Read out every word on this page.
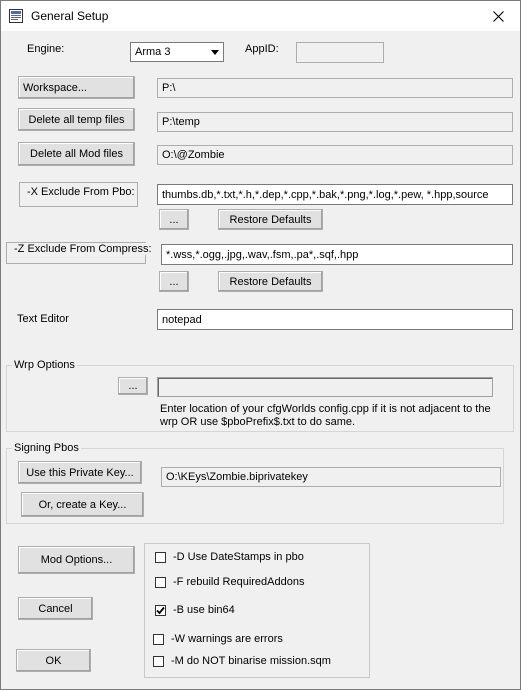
General Setup
Engine:	Arma 3	AppID:
Workspace...	P:\
Delete all temp files	P:\temp
Delete all Mod files	O:\@Zombie
-X Exclude From Pbo:	thumbs.db,*.txt,*.h,*.dep,*.cpp,*.bak,*.png,*.log,*.pew, *.hpp,source
...	Restore Defaults
-Z Exclude From Compress:	*.wss,*.ogg,.jpg,.wav,.fsm,.pa*,.sqf,.hpp
...	Restore Defaults
Text Editor	notepad
Wrp Options
...
Enter location of your cfgWorlds config.cpp if it is not adjacent to the
wrp OR use $pboPrefix$.txt to do same.
Signing Pbos
Use this Private Key...	O:\KEys\Zombie.biprivatekey
Or, create a Key...
Mod Options...
Cancel
OK
-D Use DateStamps in pbo
-F rebuild RequiredAddons
-B use bin64
-W warnings are errors
-M do NOT binarise mission.sqm
